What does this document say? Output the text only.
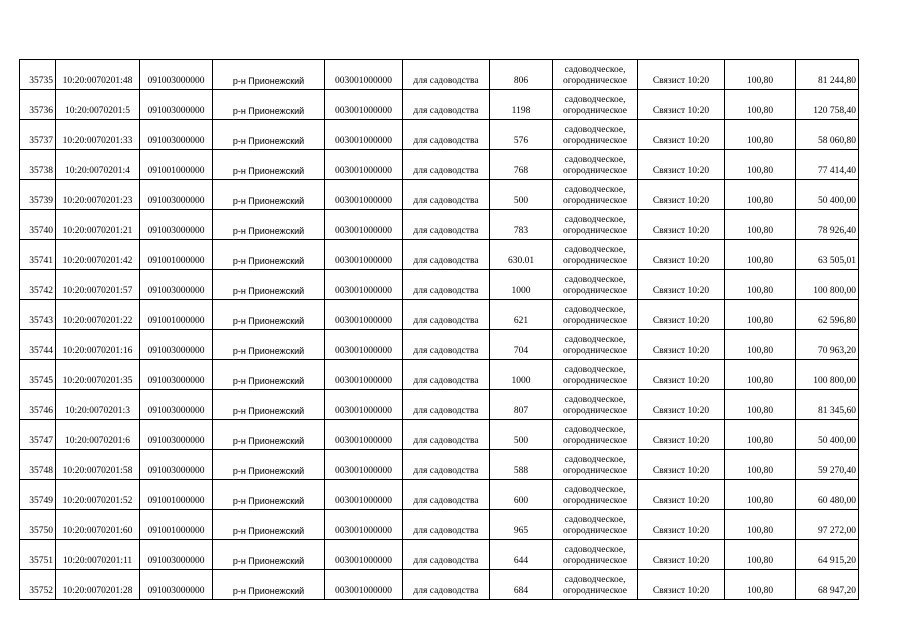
35735	10:20:0070201:48	091003000000	р-н Прионежский	003001000000	для садоводства	806	садоводческое,
огородническое	Связист 10:20	100,80	81 244,80
35736	10:20:0070201:5	091003000000	р-н Прионежский	003001000000	для садоводства	1198	садоводческое,
огородническое	Связист 10:20	100,80	120 758,40
35737	10:20:0070201:33	091003000000	р-н Прионежский	003001000000	для садоводства	576	садоводческое,
огородническое	Связист 10:20	100,80	58 060,80
35738	10:20:0070201:4	091001000000	р-н Прионежский	003001000000	для садоводства	768	садоводческое,
огородническое	Связист 10:20	100,80	77 414,40
35739	10:20:0070201:23	091003000000	р-н Прионежский	003001000000	для садоводства	500	садоводческое,
огородническое	Связист 10:20	100,80	50 400,00
35740	10:20:0070201:21	091003000000	р-н Прионежский	003001000000	для садоводства	783	садоводческое,
огородническое	Связист 10:20	100,80	78 926,40
35741	10:20:0070201:42	091001000000	р-н Прионежский	003001000000	для садоводства	630.01	садоводческое,
огородническое	Связист 10:20	100,80	63 505,01
35742	10:20:0070201:57	091003000000	р-н Прионежский	003001000000	для садоводства	1000	садоводческое,
огородническое	Связист 10:20	100,80	100 800,00
35743	10:20:0070201:22	091001000000	р-н Прионежский	003001000000	для садоводства	621	садоводческое,
огородническое	Связист 10:20	100,80	62 596,80
35744	10:20:0070201:16	091003000000	р-н Прионежский	003001000000	для садоводства	704	садоводческое,
огородническое	Связист 10:20	100,80	70 963,20
35745	10:20:0070201:35	091003000000	р-н Прионежский	003001000000	для садоводства	1000	садоводческое,
огородническое	Связист 10:20	100,80	100 800,00
35746	10:20:0070201:3	091003000000	р-н Прионежский	003001000000	для садоводства	807	садоводческое,
огородническое	Связист 10:20	100,80	81 345,60
35747	10:20:0070201:6	091003000000	р-н Прионежский	003001000000	для садоводства	500	садоводческое,
огородническое	Связист 10:20	100,80	50 400,00
35748	10:20:0070201:58	091003000000	р-н Прионежский	003001000000	для садоводства	588	садоводческое,
огородническое	Связист 10:20	100,80	59 270,40
35749	10:20:0070201:52	091001000000	р-н Прионежский	003001000000	для садоводства	600	садоводческое,
огородническое	Связист 10:20	100,80	60 480,00
35750	10:20:0070201:60	091001000000	р-н Прионежский	003001000000	для садоводства	965	садоводческое,
огородническое	Связист 10:20	100,80	97 272,00
35751	10:20:0070201:11	091003000000	р-н Прионежский	003001000000	для садоводства	644	садоводческое,
огородническое	Связист 10:20	100,80	64 915,20
35752	10:20:0070201:28	091003000000	р-н Прионежский	003001000000	для садоводства	684	садоводческое,
огородническое	Связист 10:20	100,80	68 947,20
